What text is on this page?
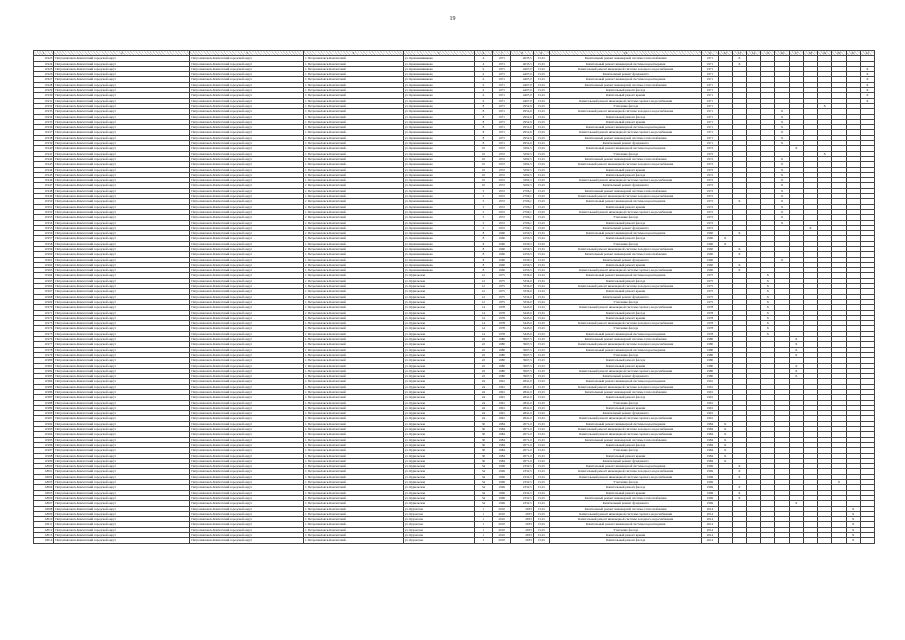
19
1	2	3	4	5	6	7	8	9	10	11	12	13	14	15	16	17	18	19	20	21	22
11923	Петропавловск-Камчатский городской округ	Петропавловск-Камчатский городской округ	г. Петропавловск-Камчатский	ул. Крашенинникова	4	1971	4035,5	15,01	Капитальный ремонт инженерной системы теплоснабжения	1971		X									
11924	Петропавловск-Камчатский городской округ	Петропавловск-Камчатский городской округ	г. Петропавловск-Камчатский	ул. Крашенинникова	4	1971	4035,5	15,01	Капитальный ремонт инженерной системы водоотведения	1971		X									
11925	Петропавловск-Камчатский городской округ	Петропавловск-Камчатский городской округ	г. Петропавловск-Камчатский	ул. Крашенинникова	6	1971	4407,0	15,01	Капитальный ремонт инженерной системы холодного водоснабжения	1971											X
11926	Петропавловск-Камчатский городской округ	Петропавловск-Камчатский городской округ	г. Петропавловск-Камчатский	ул. Крашенинникова	6	1971	4407,0	15,01	Капитальный ремонт фундамента	1971											X
11927	Петропавловск-Камчатский городской округ	Петропавловск-Камчатский городской округ	г. Петропавловск-Камчатский	ул. Крашенинникова	6	1971	4407,0	15,01	Капитальный ремонт инженерной системы водоотведения	1971											X
11928	Петропавловск-Камчатский городской округ	Петропавловск-Камчатский городской округ	г. Петропавловск-Камчатский	ул. Крашенинникова	6	1971	4407,0	15,01	Капитальный ремонт инженерной системы теплоснабжения	1971											X
11929	Петропавловск-Камчатский городской округ	Петропавловск-Камчатский городской округ	г. Петропавловск-Камчатский	ул. Крашенинникова	6	1971	4407,0	15,01	Капитальный ремонт фасада	1971											X
11930	Петропавловск-Камчатский городской округ	Петропавловск-Камчатский городской округ	г. Петропавловск-Камчатский	ул. Крашенинникова	6	1971	4407,0	15,01	Капитальный ремонт крыши	1971											X
11931	Петропавловск-Камчатский городской округ	Петропавловск-Камчатский городской округ	г. Петропавловск-Камчатский	ул. Крашенинникова	6	1971	4407,0	15,01	Капитальный ремонт инженерной системы горячего водоснабжения	1971											X
11932	Петропавловск-Камчатский городской округ	Петропавловск-Камчатский городской округ	г. Петропавловск-Камчатский	ул. Крашенинникова	8	1971	2952,6	15,01	Утепление фасада	1971								X			
11933	Петропавловск-Камчатский городской округ	Петропавловск-Камчатский городской округ	г. Петропавловск-Камчатский	ул. Крашенинникова	8	1971	2952,6	15,01	Капитальный ремонт инженерной системы холодного водоснабжения	1971					X						
11934	Петропавловск-Камчатский городской округ	Петропавловск-Камчатский городской округ	г. Петропавловск-Камчатский	ул. Крашенинникова	8	1971	2952,6	15,01	Капитальный ремонт фасада	1971					X						
11935	Петропавловск-Камчатский городской округ	Петропавловск-Камчатский городской округ	г. Петропавловск-Камчатский	ул. Крашенинникова	8	1971	2952,6	15,01	Капитальный ремонт крыши	1971					X						
11936	Петропавловск-Камчатский городской округ	Петропавловск-Камчатский городской округ	г. Петропавловск-Камчатский	ул. Крашенинникова	8	1971	2952,6	15,01	Капитальный ремонт инженерной системы водоотведения	1971					X						
11937	Петропавловск-Камчатский городской округ	Петропавловск-Камчатский городской округ	г. Петропавловск-Камчатский	ул. Крашенинникова	8	1971	2952,6	15,01	Капитальный ремонт инженерной системы горячего водоснабжения	1971					X						
11938	Петропавловск-Камчатский городской округ	Петропавловск-Камчатский городской округ	г. Петропавловск-Камчатский	ул. Крашенинникова	8	1971	2952,6	15,01	Капитальный ремонт инженерной системы теплоснабжения	1971					X						
11939	Петропавловск-Камчатский городской округ	Петропавловск-Камчатский городской округ	г. Петропавловск-Камчатский	ул. Крашенинникова	8	1971	2952,6	15,01	Капитальный ремонт фундамента	1971					X						
11940	Петропавловск-Камчатский городской округ	Петропавловск-Камчатский городской округ	г. Петропавловск-Камчатский	ул. Крашенинникова	10	1972	3292,5	15,01	Капитальный ремонт инженерной системы водоотведения	1972						X					
11941	Петропавловск-Камчатский городской округ	Петропавловск-Камчатский городской округ	г. Петропавловск-Камчатский	ул. Крашенинникова	10	1972	3292,5	15,01	Утепление фасада	1972								X			
11942	Петропавловск-Камчатский городской округ	Петропавловск-Камчатский городской округ	г. Петропавловск-Камчатский	ул. Крашенинникова	10	1972	3292,5	15,01	Капитальный ремонт инженерной системы теплоснабжения	1972					X						
11943	Петропавловск-Камчатский городской округ	Петропавловск-Камчатский городской округ	г. Петропавловск-Камчатский	ул. Крашенинникова	10	1972	3292,5	15,01	Капитальный ремонт инженерной системы холодного водоснабжения	1972					X						
11944	Петропавловск-Камчатский городской округ	Петропавловск-Камчатский городской округ	г. Петропавловск-Камчатский	ул. Крашенинникова	10	1972	3292,5	15,01	Капитальный ремонт крыши	1972					X						
11945	Петропавловск-Камчатский городской округ	Петропавловск-Камчатский городской округ	г. Петропавловск-Камчатский	ул. Крашенинникова	10	1972	3292,5	15,01	Капитальный ремонт фасада	1972					X						
11946	Петропавловск-Камчатский городской округ	Петропавловск-Камчатский городской округ	г. Петропавловск-Камчатский	ул. Крашенинникова	10	1972	3292,5	15,01	Капитальный ремонт инженерной системы горячего водоснабжения	1972					X						
11947	Петропавловск-Камчатский городской округ	Петропавловск-Камчатский городской округ	г. Петропавловск-Камчатский	ул. Крашенинникова	10	1972	3292,5	15,01	Капитальный ремонт фундамента	1972					X						
11948	Петропавловск-Камчатский городской округ	Петропавловск-Камчатский городской округ	г. Петропавловск-Камчатский	ул. Крашенинникова	5	1972	2706,1	15,01	Капитальный ремонт инженерной системы теплоснабжения	1972					X						
11949	Петропавловск-Камчатский городской округ	Петропавловск-Камчатский городской округ	г. Петропавловск-Камчатский	ул. Крашенинникова	5	1972	2706,1	15,01	Капитальный ремонт инженерной системы холодного водоснабжения	1972					X						
11950	Петропавловск-Камчатский городской округ	Петропавловск-Камчатский городской округ	г. Петропавловск-Камчатский	ул. Крашенинникова	5	1972	2706,1	15,01	Капитальный ремонт инженерной системы водоотведения	1972		X			X						
11951	Петропавловск-Камчатский городской округ	Петропавловск-Камчатский городской округ	г. Петропавловск-Камчатский	ул. Крашенинникова	5	1972	2706,1	15,01	Капитальный ремонт крыши	1972					X						
11952	Петропавловск-Камчатский городской округ	Петропавловск-Камчатский городской округ	г. Петропавловск-Камчатский	ул. Крашенинникова	5	1972	2706,1	15,01	Капитальный ремонт инженерной системы горячего водоснабжения	1972					X						
11953	Петропавловск-Камчатский городской округ	Петропавловск-Камчатский городской округ	г. Петропавловск-Камчатский	ул. Крашенинникова	5	1972	2706,1	15,01	Утепление фасада	1972					X						
11954	Петропавловск-Камчатский городской округ	Петропавловск-Камчатский городской округ	г. Петропавловск-Камчатский	ул. Крашенинникова	5	1972	2706,1	15,01	Капитальный ремонт фасада	1972					X						
11955	Петропавловск-Камчатский городской округ	Петропавловск-Камчатский городской округ	г. Петропавловск-Камчатский	ул. Крашенинникова	5	1972	2706,1	15,01	Капитальный ремонт фундамента	1972							X				
11956	Петропавловск-Камчатский городской округ	Петропавловск-Камчатский городской округ	г. Петропавловск-Камчатский	ул. Крашенинникова	8	1960	1650,5	15,01	Капитальный ремонт инженерной системы водоотведения	1960		X									
11957	Петропавловск-Камчатский городской округ	Петропавловск-Камчатский городской округ	г. Петропавловск-Камчатский	ул. Крашенинникова	8	1960	1650,5	15,01	Капитальный ремонт фасада	1960	X										
11958	Петропавловск-Камчатский городской округ	Петропавловск-Камчатский городской округ	г. Петропавловск-Камчатский	ул. Крашенинникова	8	1960	1650,5	15,01	Утепление фасада	1960	X										
11959	Петропавловск-Камчатский городской округ	Петропавловск-Камчатский городской округ	г. Петропавловск-Камчатский	ул. Крашенинникова	8	1960	1650,5	15,01	Капитальный ремонт инженерной системы холодного водоснабжения	1960		X									
11960	Петропавловск-Камчатский городской округ	Петропавловск-Камчатский городской округ	г. Петропавловск-Камчатский	ул. Крашенинникова	8	1960	1650,5	15,01	Капитальный ремонт инженерной системы теплоснабжения	1960		X									
11961	Петропавловск-Камчатский городской округ	Петропавловск-Камчатский городской округ	г. Петропавловск-Камчатский	ул. Крашенинникова	8	1960	1650,5	15,01	Капитальный ремонт фундамента	1960					X						
11962	Петропавловск-Камчатский городской округ	Петропавловск-Камчатский городской округ	г. Петропавловск-Камчатский	ул. Крашенинникова	8	1960	1650,5	15,01	Капитальный ремонт крыши	1960		X									
11963	Петропавловск-Камчатский городской округ	Петропавловск-Камчатский городской округ	г. Петропавловск-Камчатский	ул. Крашенинникова	8	1960	1650,5	15,01	Капитальный ремонт инженерной системы горячего водоснабжения	1960		X									
11964	Петропавловск-Камчатский городской округ	Петропавловск-Камчатский городской округ	г. Петропавловск-Камчатский	ул. Курильская	12	1975	3334,0	15,01	Капитальный ремонт инженерной системы водоотведения	1975				X							
11965	Петропавловск-Камчатский городской округ	Петропавловск-Камчатский городской округ	г. Петропавловск-Камчатский	ул. Курильская	12	1975	3334,0	15,01	Капитальный ремонт фасада	1975				X							
11966	Петропавловск-Камчатский городской округ	Петропавловск-Камчатский городской округ	г. Петропавловск-Камчатский	ул. Курильская	12	1975	3334,0	15,01	Капитальный ремонт инженерной системы холодного водоснабжения	1975				X							
11967	Петропавловск-Камчатский городской округ	Петропавловск-Камчатский городской округ	г. Петропавловск-Камчатский	ул. Курильская	12	1975	3334,0	15,01	Капитальный ремонт крыши	1975				X							
11968	Петропавловск-Камчатский городской округ	Петропавловск-Камчатский городской округ	г. Петропавловск-Камчатский	ул. Курильская	12	1975	3334,0	15,01	Капитальный ремонт фундамента	1975				X							
11969	Петропавловск-Камчатский городской округ	Петропавловск-Камчатский городской округ	г. Петропавловск-Камчатский	ул. Курильская	12	1975	3334,0	15,01	Утепление фасада	1975				X							
11970	Петропавловск-Камчатский городской округ	Петропавловск-Камчатский городской округ	г. Петропавловск-Камчатский	ул. Курильская	14	1978	5443,0	15,01	Капитальный ремонт инженерной системы горячего водоснабжения	1978				X							
11971	Петропавловск-Камчатский городской округ	Петропавловск-Камчатский городской округ	г. Петропавловск-Камчатский	ул. Курильская	14	1978	5443,0	15,01	Капитальный ремонт фасада	1978				X							
11972	Петропавловск-Камчатский городской округ	Петропавловск-Камчатский городской округ	г. Петропавловск-Камчатский	ул. Курильская	14	1978	5443,0	15,01	Капитальный ремонт крыши	1978				X							
11973	Петропавловск-Камчатский городской округ	Петропавловск-Камчатский городской округ	г. Петропавловск-Камчатский	ул. Курильская	14	1978	5443,0	15,01	Капитальный ремонт инженерной системы холодного водоснабжения	1978				X							
11974	Петропавловск-Камчатский городской округ	Петропавловск-Камчатский городской округ	г. Петропавловск-Камчатский	ул. Курильская	14	1978	5443,0	15,01	Утепление фасада	1978				X							
11975	Петропавловск-Камчатский городской округ	Петропавловск-Камчатский городской округ	г. Петропавловск-Камчатский	ул. Курильская	14	1978	5443,0	15,01	Капитальный ремонт инженерной системы водоотведения	1978				X							
11976	Петропавловск-Камчатский городской округ	Петропавловск-Камчатский городской округ	г. Петропавловск-Камчатский	ул. Курильская	22	1980	3997,5	15,01	Капитальный ремонт инженерной системы теплоснабжения	1980						X					
11977	Петропавловск-Камчатский городской округ	Петропавловск-Камчатский городской округ	г. Петропавловск-Камчатский	ул. Курильская	22	1980	3997,5	15,01	Капитальный ремонт инженерной системы холодного водоснабжения	1980						X					
11978	Петропавловск-Камчатский городской округ	Петропавловск-Камчатский городской округ	г. Петропавловск-Камчатский	ул. Курильская	22	1980	3997,5	15,01	Капитальный ремонт инженерной системы водоотведения	1980						X					
11979	Петропавловск-Камчатский городской округ	Петропавловск-Камчатский городской округ	г. Петропавловск-Камчатский	ул. Курильская	22	1980	3997,5	15,01	Утепление фасада	1980						X					
11980	Петропавловск-Камчатский городской округ	Петропавловск-Камчатский городской округ	г. Петропавловск-Камчатский	ул. Курильская	22	1980	3997,5	15,01	Капитальный ремонт фасада	1980											
11981	Петропавловск-Камчатский городской округ	Петропавловск-Камчатский городской округ	г. Петропавловск-Камчатский	ул. Курильская	22	1980	3997,5	15,01	Капитальный ремонт крыши	1980						X					
11982	Петропавловск-Камчатский городской округ	Петропавловск-Камчатский городской округ	г. Петропавловск-Камчатский	ул. Курильская	22	1980	3997,5	15,01	Капитальный ремонт инженерной системы горячего водоснабжения	1980						X					
11983	Петропавловск-Камчатский городской округ	Петропавловск-Камчатский городской округ	г. Петропавловск-Камчатский	ул. Курильская	22	1980	3997,5	15,01	Капитальный ремонт фундамента	1980						X					
11984	Петропавловск-Камчатский городской округ	Петропавловск-Камчатский городской округ	г. Петропавловск-Камчатский	ул. Курильская	24	1991	2841,0	15,01	Капитальный ремонт инженерной системы водоотведения	1991											
11985	Петропавловск-Камчатский городской округ	Петропавловск-Камчатский городской округ	г. Петропавловск-Камчатский	ул. Курильская	24	1991	2841,0	15,01	Капитальный ремонт инженерной системы холодного водоснабжения	1991											
11986	Петропавловск-Камчатский городской округ	Петропавловск-Камчатский городской округ	г. Петропавловск-Камчатский	ул. Курильская	24	1991	2841,0	15,01	Капитальный ремонт инженерной системы теплоснабжения	1991											
11987	Петропавловск-Камчатский городской округ	Петропавловск-Камчатский городской округ	г. Петропавловск-Камчатский	ул. Курильская	24	1991	2841,0	15,01	Капитальный ремонт фасада	1991											
11988	Петропавловск-Камчатский городской округ	Петропавловск-Камчатский городской округ	г. Петропавловск-Камчатский	ул. Курильская	24	1991	2841,0	15,01	Утепление фасада	1991											
11989	Петропавловск-Камчатский городской округ	Петропавловск-Камчатский городской округ	г. Петропавловск-Камчатский	ул. Курильская	24	1991	2841,0	15,01	Капитальный ремонт крыши	1991											
11990	Петропавловск-Камчатский городской округ	Петропавловск-Камчатский городской округ	г. Петропавловск-Камчатский	ул. Курильская	24	1991	2841,0	15,01	Капитальный ремонт фундамента	1991											
11991	Петропавловск-Камчатский городской округ	Петропавловск-Камчатский городской округ	г. Петропавловск-Камчатский	ул. Курильская	24	1991	2841,0	15,01	Капитальный ремонт инженерной системы горячего водоснабжения	1991											
11992	Петропавловск-Камчатский городской округ	Петропавловск-Камчатский городской округ	г. Петропавловск-Камчатский	ул. Курильская	30	1984	2071,0	15,01	Капитальный ремонт инженерной системы водоотведения	1984	X										
11993	Петропавловск-Камчатский городской округ	Петропавловск-Камчатский городской округ	г. Петропавловск-Камчатский	ул. Курильская	30	1984	2071,0	15,01	Капитальный ремонт инженерной системы холодного водоснабжения	1984	X										
11994	Петропавловск-Камчатский городской округ	Петропавловск-Камчатский городской округ	г. Петропавловск-Камчатский	ул. Курильская	30	1984	2071,0	15,01	Капитальный ремонт инженерной системы горячего водоснабжения	1984	X										
11995	Петропавловск-Камчатский городской округ	Петропавловск-Камчатский городской округ	г. Петропавловск-Камчатский	ул. Курильская	30	1984	2071,0	15,01	Капитальный ремонт инженерной системы теплоснабжения	1984	X										
11996	Петропавловск-Камчатский городской округ	Петропавловск-Камчатский городской округ	г. Петропавловск-Камчатский	ул. Курильская	30	1984	2071,0	15,01	Капитальный ремонт фасада	1984	X										
11997	Петропавловск-Камчатский городской округ	Петропавловск-Камчатский городской округ	г. Петропавловск-Камчатский	ул. Курильская	30	1984	2071,0	15,01	Утепление фасада	1984	X										
11998	Петропавловск-Камчатский городской округ	Петропавловск-Камчатский городской округ	г. Петропавловск-Камчатский	ул. Курильская	30	1984	2071,0	15,01	Капитальный ремонт крыши	1984	X										
11999	Петропавловск-Камчатский городской округ	Петропавловск-Камчатский городской округ	г. Петропавловск-Камчатский	ул. Курильская	30	1984	2071,0	15,01	Капитальный ремонт фундамента	1984	X										
12000	Петропавловск-Камчатский городской округ	Петропавловск-Камчатский городской округ	г. Петропавловск-Камчатский	ул. Курильская	34	1969	2332,5	15,01	Капитальный ремонт инженерной системы водоотведения	1969		X									
12001	Петропавловск-Камчатский городской округ	Петропавловск-Камчатский городской округ	г. Петропавловск-Камчатский	ул. Курильская	34	1969	2332,5	15,01	Капитальный ремонт инженерной системы холодного водоснабжения	1969		X									
12002	Петропавловск-Камчатский городской округ	Петропавловск-Камчатский городской округ	г. Петропавловск-Камчатский	ул. Курильская	34	1969	2332,5	15,01	Капитальный ремонт инженерной системы горячего водоснабжения	1969		X									
12003	Петропавловск-Камчатский городской округ	Петропавловск-Камчатский городской округ	г. Петропавловск-Камчатский	ул. Курильская	34	1969	2332,5	15,01	Утепление фасада	1969									X		
12004	Петропавловск-Камчатский городской округ	Петропавловск-Камчатский городской округ	г. Петропавловск-Камчатский	ул. Курильская	34	1969	2332,5	15,01	Капитальный ремонт фасада	1969		X									
12005	Петропавловск-Камчатский городской округ	Петропавловск-Камчатский городской округ	г. Петропавловск-Камчатский	ул. Курильская	34	1969	2332,5	15,01	Капитальный ремонт крыши	1969		X									
12006	Петропавловск-Камчатский городской округ	Петропавловск-Камчатский городской округ	г. Петропавловск-Камчатский	ул. Курильская	34	1969	2332,5	15,01	Капитальный ремонт инженерной системы теплоснабжения	1969		X									
12007	Петропавловск-Камчатский городской округ	Петропавловск-Камчатский городской округ	г. Петропавловск-Камчатский	ул. Курильская	34	1969	2332,5	15,01	Капитальный ремонт фундамента	1969						X					
12008	Петропавловск-Камчатский городской округ	Петропавловск-Камчатский городской округ	г. Петропавловск-Камчатский	ул. Курчатова	1	2010	2933	15,01	Капитальный ремонт инженерной системы теплоснабжения	2014										X	
12009	Петропавловск-Камчатский городской округ	Петропавловск-Камчатский городской округ	г. Петропавловск-Камчатский	ул. Курчатова	1	2010	2933	15,01	Капитальный ремонт инженерной системы горячего водоснабжения	2014										X	
12010	Петропавловск-Камчатский городской округ	Петропавловск-Камчатский городской округ	г. Петропавловск-Камчатский	ул. Курчатова	1	2010	2933	15,01	Капитальный ремонт инженерной системы холодного водоснабжения	2014										X	
12011	Петропавловск-Камчатский городской округ	Петропавловск-Камчатский городской округ	г. Петропавловск-Камчатский	ул. Курчатова	1	2010	2933	15,01	Капитальный ремонт инженерной системы водоотведения	2014										X	
12012	Петропавловск-Камчатский городской округ	Петропавловск-Камчатский городской округ	г. Петропавловск-Камчатский	ул. Курчатова	1	2010	2933	15,01	Утепление фасада	2014										X	
12013	Петропавловск-Камчатский городской округ	Петропавловск-Камчатский городской округ	г. Петропавловск-Камчатский	ул. Курчатова	1	2010	2933	15,01	Капитальный ремонт крыши	2014										X	
12014	Петропавловск-Камчатский городской округ	Петропавловск-Камчатский городской округ	г. Петропавловск-Камчатский	ул. Курчатова	1	2010	2933	15,01	Капитальный ремонт фасада	2014										X	
